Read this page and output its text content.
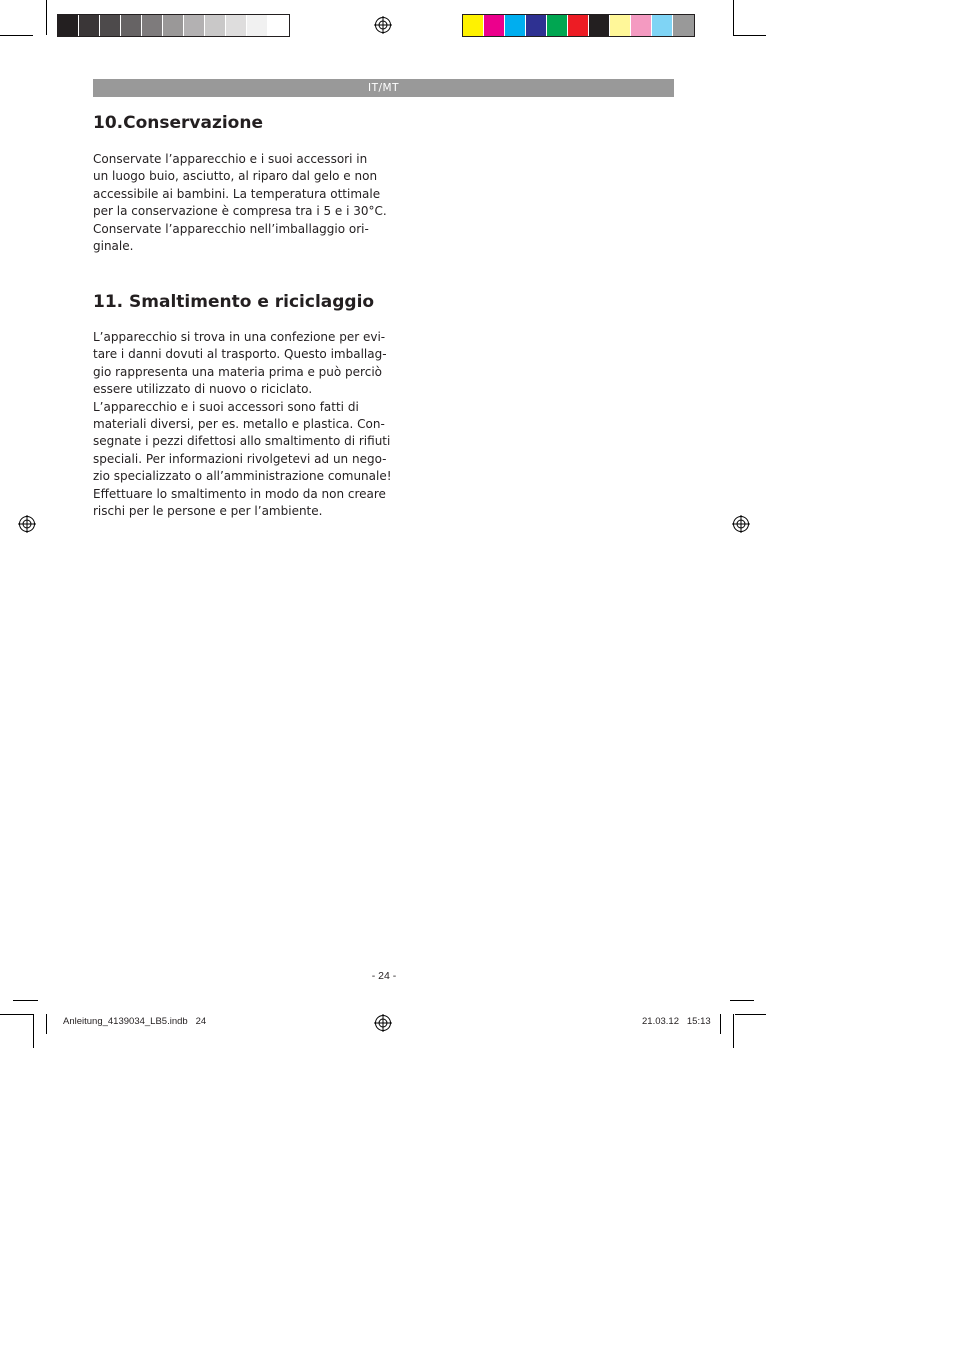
IT/MT
10.Conservazione
Conservate l’apparecchio e i suoi accessori in
un luogo buio, asciutto, al riparo dal gelo e non
accessibile ai bambini. La temperatura ottimale
per la conservazione è compresa tra i 5 e i 30°C.
Conservate l’apparecchio nell’imballaggio ori-
ginale.
11. Smaltimento e riciclaggio
L’apparecchio si trova in una confezione per evi-
tare i danni dovuti al trasporto. Questo imballag-
gio rappresenta una materia prima e può perciò
essere utilizzato di nuovo o riciclato.
L’apparecchio e i suoi accessori sono fatti di
materiali diversi, per es. metallo e plastica. Con-
segnate i pezzi difettosi allo smaltimento di rifiuti
speciali. Per informazioni rivolgetevi ad un nego-
zio specializzato o all’amministrazione comunale!
Effettuare lo smaltimento in modo da non creare
rischi per le persone e per l’ambiente.
- 24 -
Anleitung_4139034_LB5.indb   24	21.03.12   15:13
